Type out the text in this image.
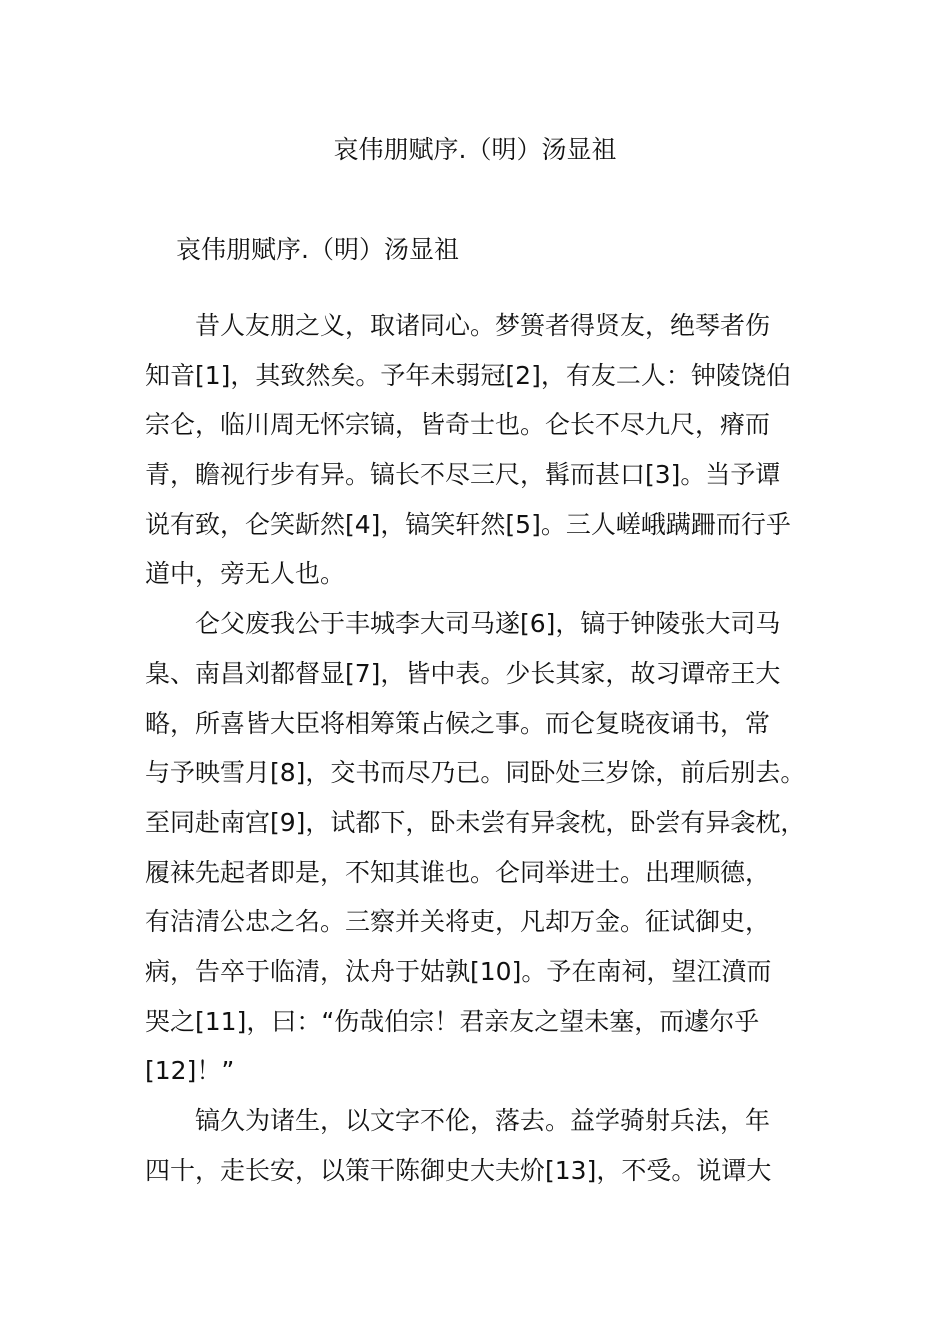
哀伟朋赋序.（明）汤显祖
哀伟朋赋序.（明）汤显祖
昔人友朋之义，取诸同心。梦篑者得贤友，绝琴者伤
知音[1]，其致然矣。予年未弱冠[2]，有友二人：钟陵饶伯
宗仑，临川周无怀宗镐，皆奇士也。仑长不尽九尺，瘠而
青，瞻视行步有异。镐长不尽三尺，髯而甚口[3]。当予谭
说有致，仑笑龂然[4]，镐笑轩然[5]。三人嵯峨蹒跚而行乎
道中，旁无人也。
仑父废我公于丰城李大司马遂[6]，镐于钟陵张大司马
臬、南昌刘都督显[7]，皆中表。少长其家，故习谭帝王大
略，所喜皆大臣将相筹策占候之事。而仑复晓夜诵书，常
与予映雪月[8]，交书而尽乃已。同卧处三岁馀，前后别去。
至同赴南宫[9]，试都下，卧未尝有异衾枕，卧尝有异衾枕，
履袜先起者即是，不知其谁也。仑同举进士。出理顺德，
有洁清公忠之名。三察并关将吏，凡却万金。征试御史，
病，告卒于临清，汰舟于姑孰[10]。予在南祠，望江濆而
哭之[11]，曰：“伤哉伯宗！君亲友之望未塞，而遽尔乎
[12]！”
镐久为诸生，以文字不伦，落去。益学骑射兵法，年
四十，走长安，以策干陈御史大夫炌[13]，不受。说谭大
